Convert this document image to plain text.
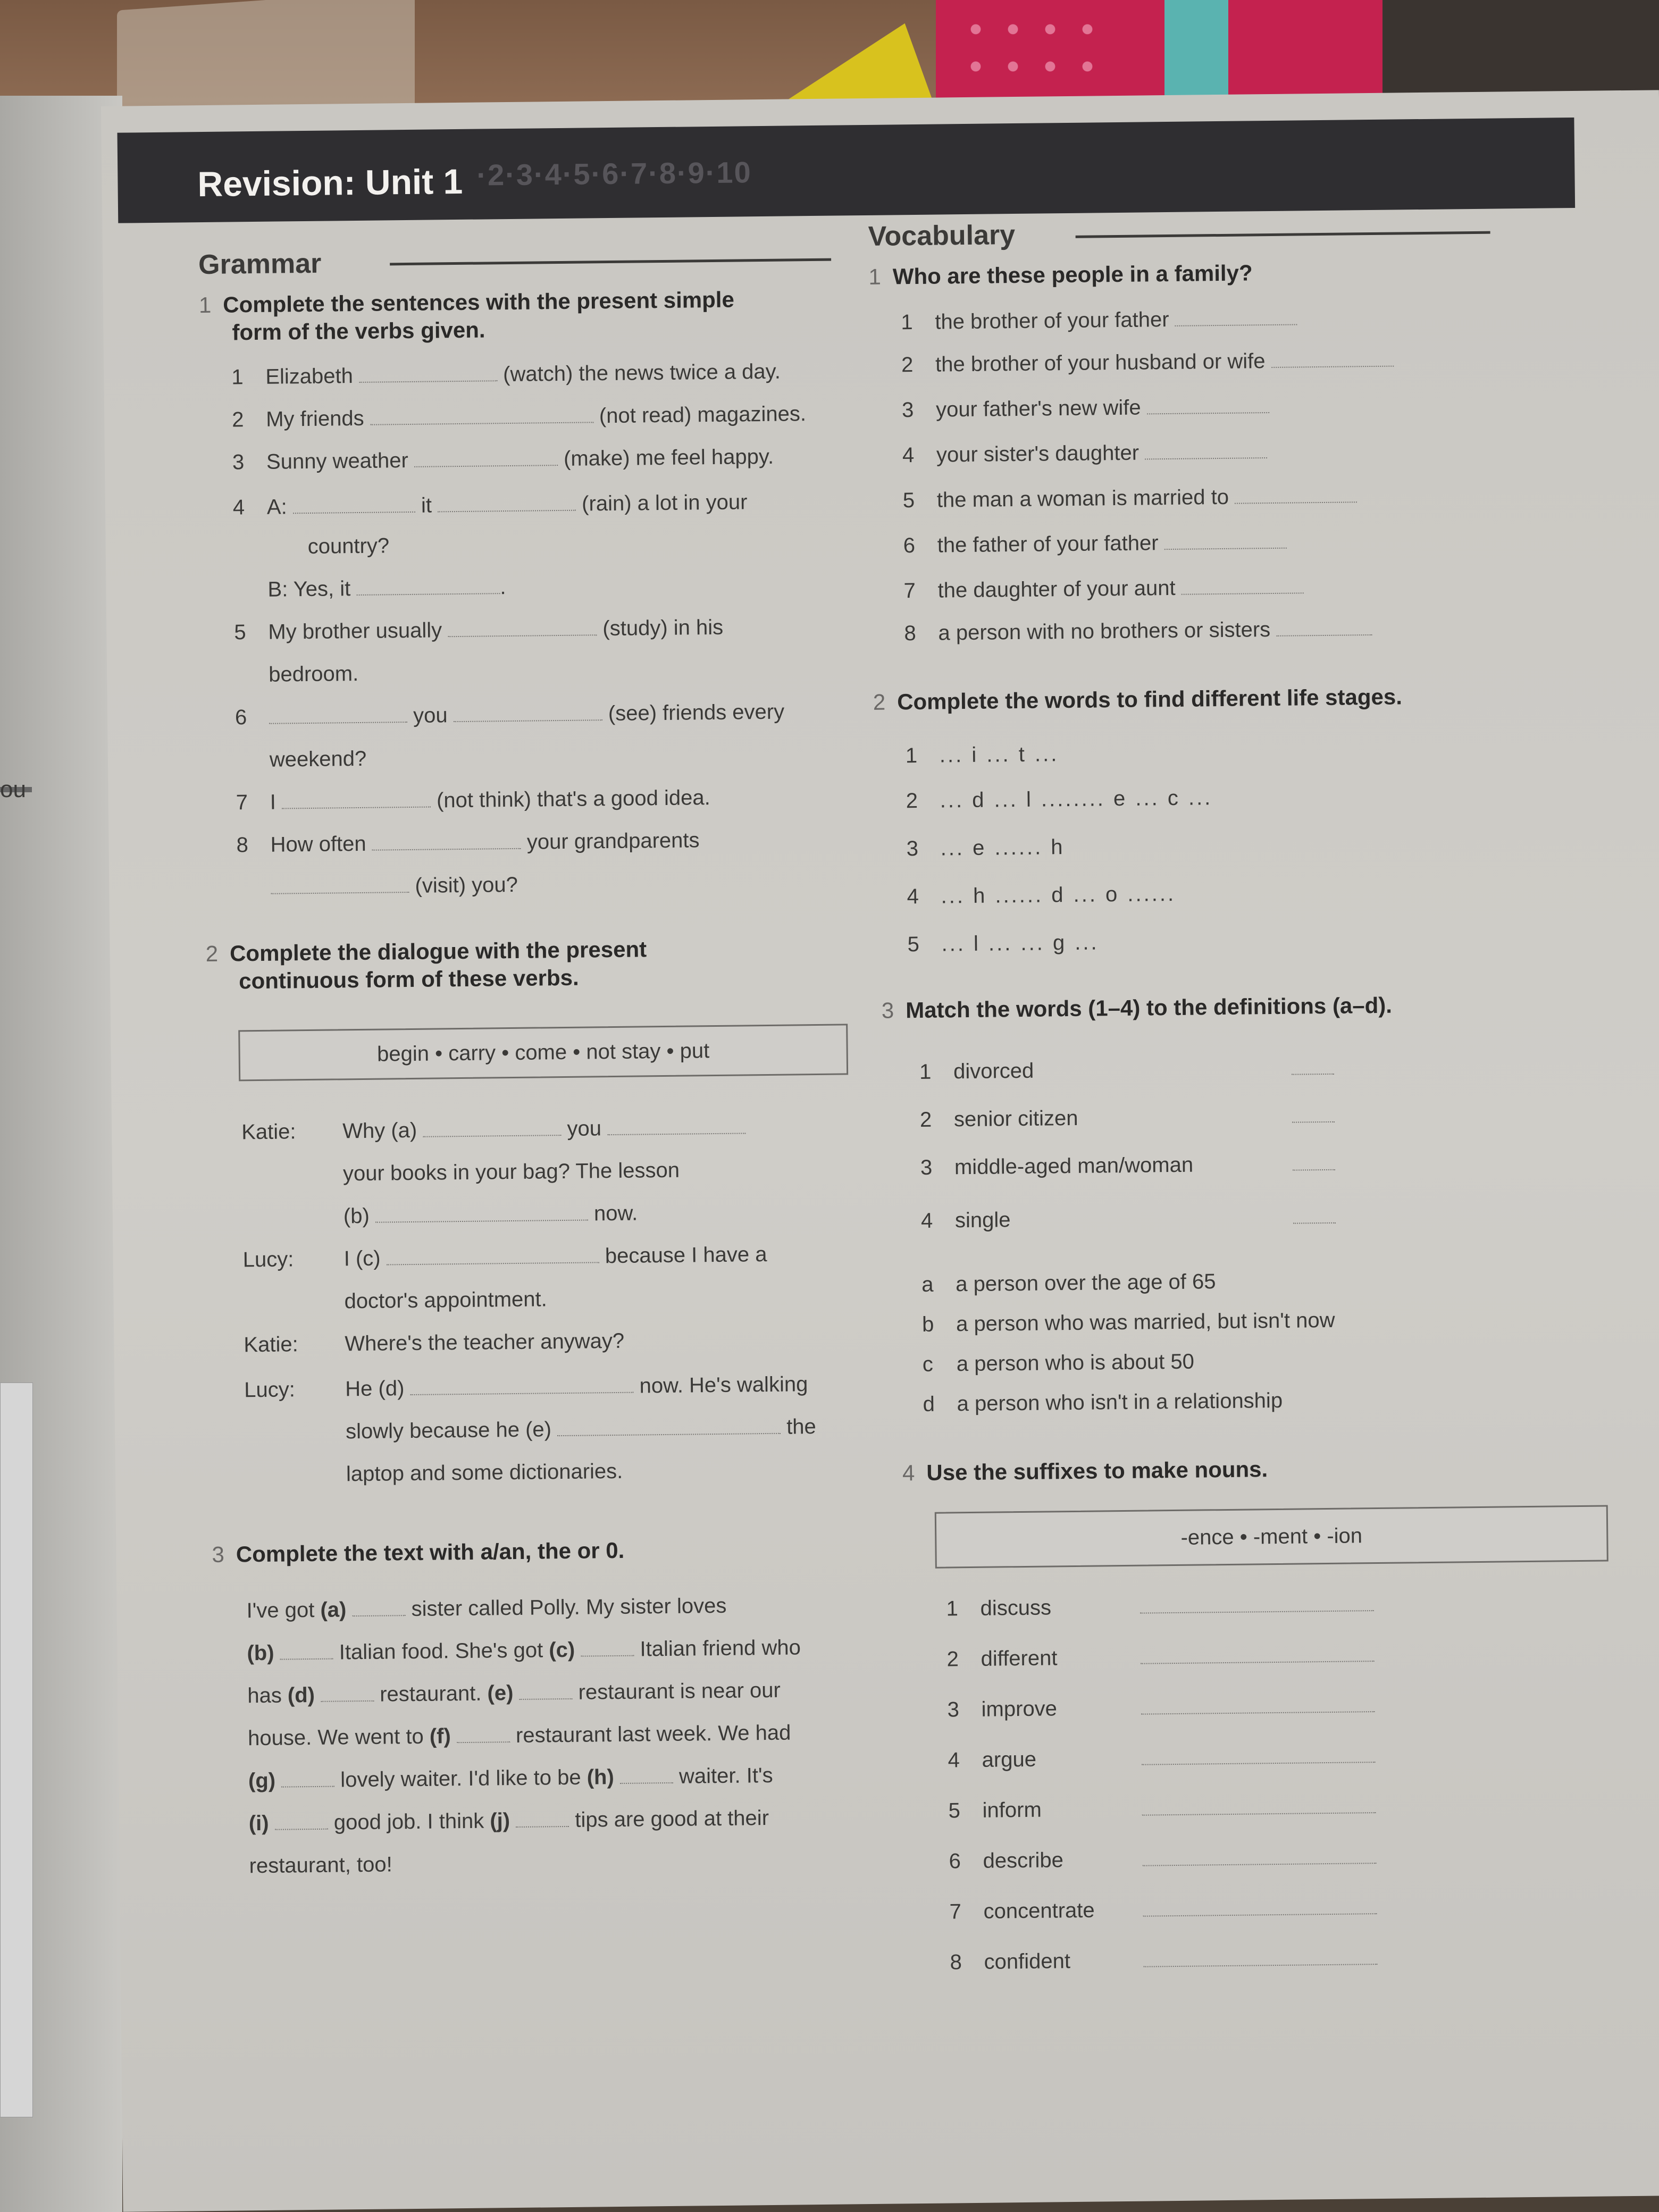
ou
Revision: Unit 1 ·2·3·4·5·6·7·8·9·10
Grammar
1 Complete the sentences with the present simple
form of the verbs given.
1 Elizabeth	(watch) the news twice a day.
2 My friends	(not read) magazines.
3 Sunny weather	(make) me feel happy.
4 A:	it	(rain) a lot in your
country?
B: Yes, it	.
5 My brother usually	(study) in his
bedroom.
6	you	(see) friends every
weekend?
7 I	(not think) that's a good idea.
8 How often	your grandparents
(visit) you?
2 Complete the dialogue with the present
continuous form of these verbs.
begin • carry • come • not stay • put
Katie: Why (a)	you
your books in your bag? The lesson
(b)	now.
Lucy: I (c)	because I have a
doctor's appointment.
Katie: Where's the teacher anyway?
Lucy: He (d)	now. He's walking
slowly because he (e)	the
laptop and some dictionaries.
3 Complete the text with a/an, the or 0.
I've got (a)	sister called Polly. My sister loves
(b)	Italian food. She's got (c)	Italian friend who
has (d)	restaurant. (e)	restaurant is near our
house. We went to (f)	restaurant last week. We had
(g)	lovely waiter. I'd like to be (h)	waiter. It's
(i)	good job. I think (j)	tips are good at their
restaurant, too!
Vocabulary
1 Who are these people in a family?
1 the brother of your father
2 the brother of your husband or wife
3 your father's new wife
4 your sister's daughter
5 the man a woman is married to
6 the father of your father
7 the daughter of your aunt
8 a person with no brothers or sisters
2 Complete the words to find different life stages.
1 ... i ... t ...
2 ... d ... l ........ e ... c ...
3 ... e ...... h
4 ... h ...... d ... o ......
5 ... l ... ... g ...
3 Match the words (1–4) to the definitions (a–d).
1 divorced
2 senior citizen
3 middle-aged man/woman
4 single
a a person over the age of 65
b a person who was married, but isn't now
c a person who is about 50
d a person who isn't in a relationship
4 Use the suffixes to make nouns.
-ence • -ment • -ion
1 discuss
2 different
3 improve
4 argue
5 inform
6 describe
7 concentrate
8 confident
